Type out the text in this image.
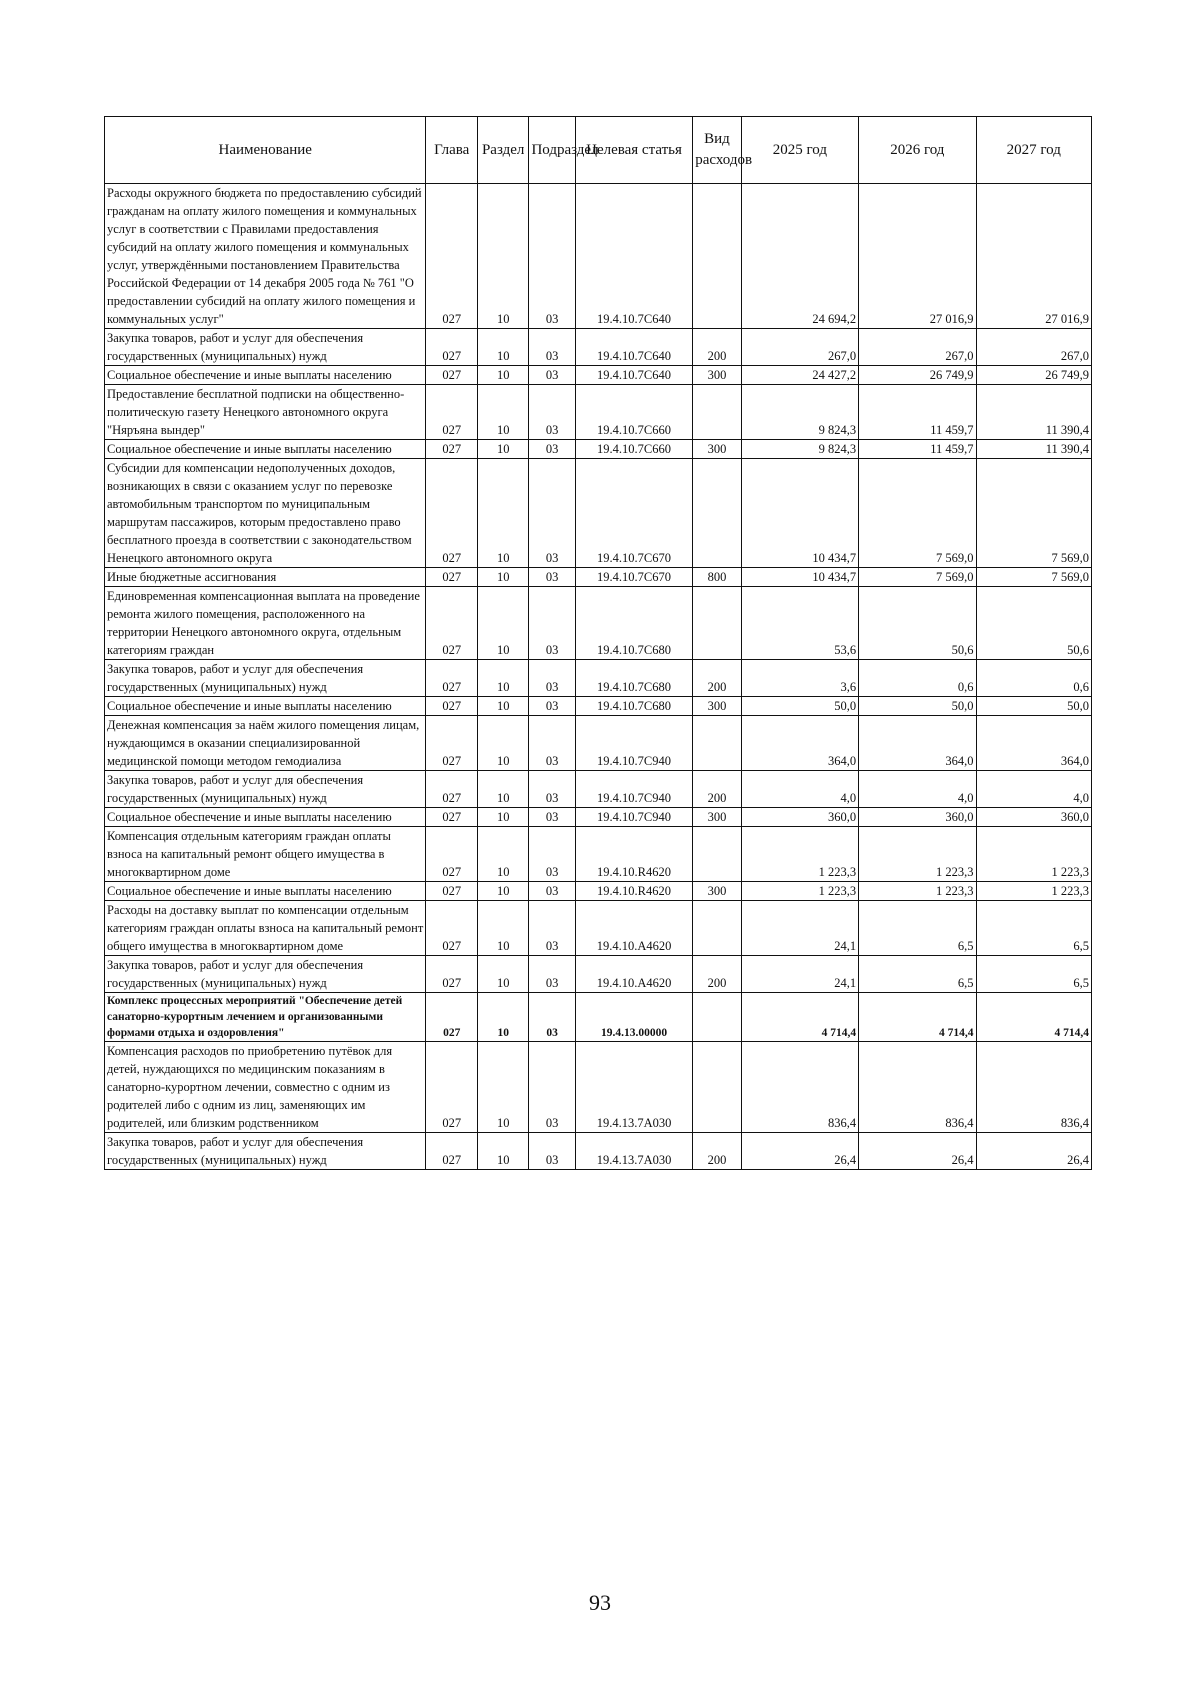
Наименование	Глава	Раздел	Подраздел	Целевая статья	Вид расходов	2025 год	2026 год	2027 год
Расходы окружного бюджета по предоставлению субсидий гражданам на оплату жилого помещения и коммунальных услуг в соответствии с Правилами предоставления субсидий на оплату жилого помещения и коммунальных услуг, утверждёнными постановлением Правительства Российской Федерации от 14 декабря 2005 года № 761 "О предоставлении субсидий на оплату жилого помещения и коммунальных услуг"	027	10	03	19.4.10.7С640		24 694,2	27 016,9	27 016,9
Закупка товаров, работ и услуг для обеспечения государственных (муниципальных) нужд	027	10	03	19.4.10.7С640	200	267,0	267,0	267,0
Социальное обеспечение и иные выплаты населению	027	10	03	19.4.10.7С640	300	24 427,2	26 749,9	26 749,9
Предоставление бесплатной подписки на общественно-политическую газету Ненецкого автономного округа "Няръяна вындер"	027	10	03	19.4.10.7С660		9 824,3	11 459,7	11 390,4
Социальное обеспечение и иные выплаты населению	027	10	03	19.4.10.7С660	300	9 824,3	11 459,7	11 390,4
Субсидии для компенсации недополученных доходов, возникающих в связи с оказанием услуг по перевозке автомобильным транспортом по муниципальным маршрутам пассажиров, которым предоставлено право бесплатного проезда в соответствии с законодательством Ненецкого автономного округа	027	10	03	19.4.10.7С670		10 434,7	7 569,0	7 569,0
Иные бюджетные ассигнования	027	10	03	19.4.10.7С670	800	10 434,7	7 569,0	7 569,0
Единовременная компенсационная выплата на проведение ремонта жилого помещения, расположенного на территории Ненецкого автономного округа, отдельным категориям граждан	027	10	03	19.4.10.7С680		53,6	50,6	50,6
Закупка товаров, работ и услуг для обеспечения государственных (муниципальных) нужд	027	10	03	19.4.10.7С680	200	3,6	0,6	0,6
Социальное обеспечение и иные выплаты населению	027	10	03	19.4.10.7С680	300	50,0	50,0	50,0
Денежная компенсация за наём жилого помещения лицам, нуждающимся в оказании специализированной медицинской помощи методом гемодиализа	027	10	03	19.4.10.7С940		364,0	364,0	364,0
Закупка товаров, работ и услуг для обеспечения государственных (муниципальных) нужд	027	10	03	19.4.10.7С940	200	4,0	4,0	4,0
Социальное обеспечение и иные выплаты населению	027	10	03	19.4.10.7С940	300	360,0	360,0	360,0
Компенсация отдельным категориям граждан оплаты взноса на капитальный ремонт общего имущества в многоквартирном доме	027	10	03	19.4.10.R4620		1 223,3	1 223,3	1 223,3
Социальное обеспечение и иные выплаты населению	027	10	03	19.4.10.R4620	300	1 223,3	1 223,3	1 223,3
Расходы на доставку выплат по компенсации отдельным категориям граждан оплаты взноса на капитальный ремонт общего имущества в многоквартирном доме	027	10	03	19.4.10.А4620		24,1	6,5	6,5
Закупка товаров, работ и услуг для обеспечения государственных (муниципальных) нужд	027	10	03	19.4.10.А4620	200	24,1	6,5	6,5
Комплекс процессных мероприятий "Обеспечение детей санаторно-курортным лечением и организованными формами отдыха и оздоровления"	027	10	03	19.4.13.00000		4 714,4	4 714,4	4 714,4
Компенсация расходов по приобретению путёвок для детей, нуждающихся по медицинским показаниям в санаторно-курортном лечении, совместно с одним из родителей либо с одним из лиц, заменяющих им родителей, или близким родственником	027	10	03	19.4.13.7А030		836,4	836,4	836,4
Закупка товаров, работ и услуг для обеспечения государственных (муниципальных) нужд	027	10	03	19.4.13.7А030	200	26,4	26,4	26,4
93
